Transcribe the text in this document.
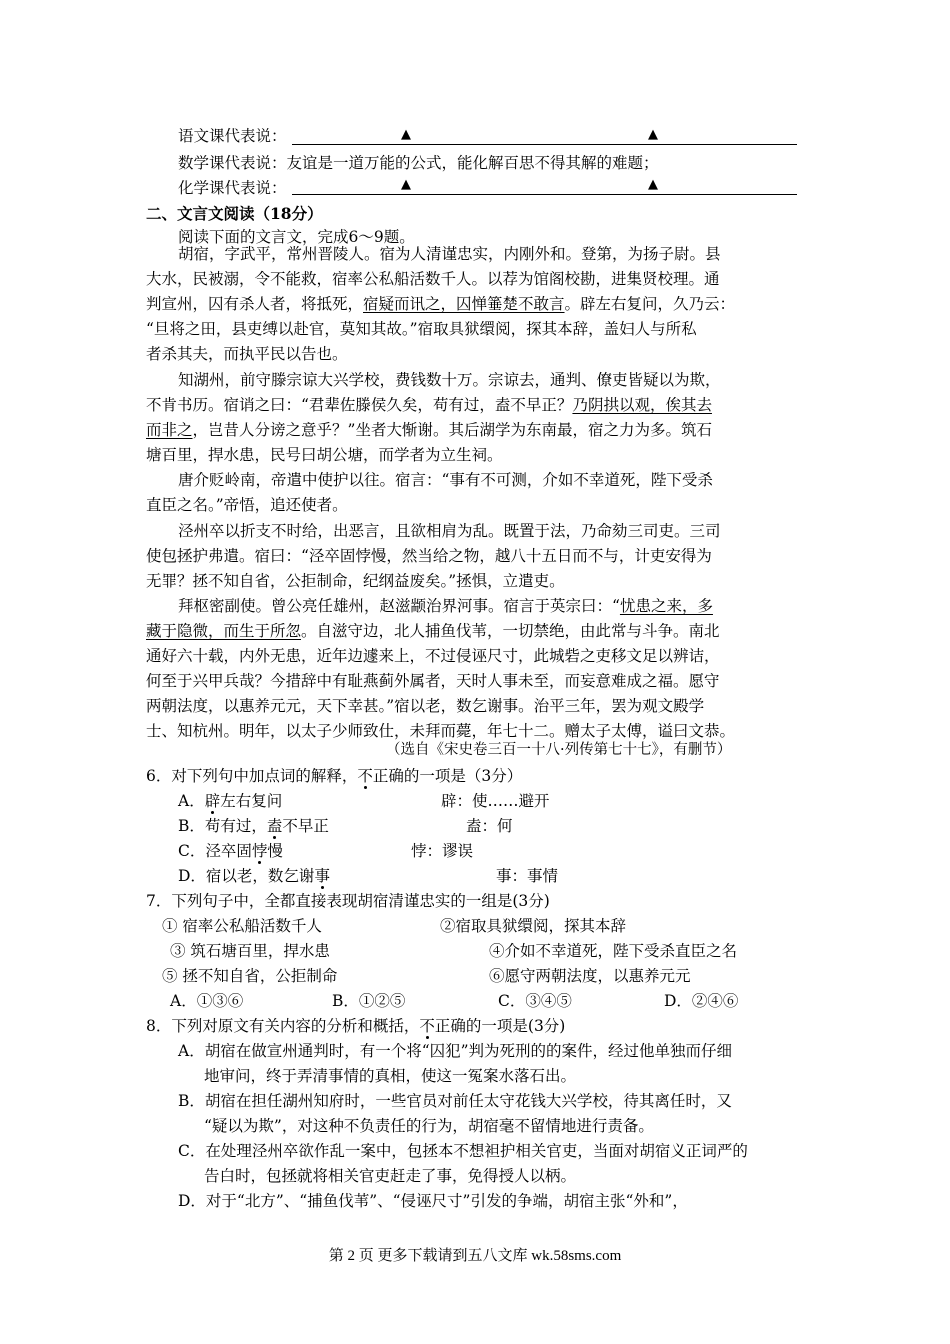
语文课代表说：	▲	▲
数学课代表说：友谊是一道万能的公式，能化解百思不得其解的难题；
化学课代表说：	▲	▲
二、文言文阅读（18分）
阅读下面的文言文，完成6～9题。
胡宿，字武平，常州晋陵人。宿为人清谨忠实，内刚外和。登第，为扬子尉。县
大水，民被溺，令不能救，宿率公私船活数千人。以荐为馆阁校勘，进集贤校理。通
判宣州，囚有杀人者，将抵死，宿疑而讯之，囚惮箠楚不敢言。辟左右复问，久乃云：
“旦将之田，县吏缚以赴官，莫知其故。”宿取具狱缳阅，探其本辞，盖妇人与所私
者杀其夫，而执平民以告也。
知湖州，前守滕宗谅大兴学校，费钱数十万。宗谅去，通判、僚吏皆疑以为欺，
不肯书历。宿诮之曰：“君辈佐滕侯久矣，苟有过，盍不早正？乃阴拱以观，俟其去
而非之，岂昔人分谤之意乎？”坐者大惭谢。其后湖学为东南最，宿之力为多。筑石
塘百里，捍水患，民号曰胡公塘，而学者为立生祠。
唐介贬岭南，帝遣中使护以往。宿言：“事有不可测，介如不幸道死，陛下受杀
直臣之名。”帝悟，追还使者。
泾州卒以折支不时给，出恶言，且欲相肩为乱。既置于法，乃命劾三司吏。三司
使包拯护弗遣。宿曰：“泾卒固悖慢，然当给之物，越八十五日而不与，计吏安得为
无罪？拯不知自省，公拒制命，纪纲益废矣。”拯惧，立遣吏。
拜枢密副使。曾公亮任雄州，赵滋颛治界河事。宿言于英宗曰：“忧患之来，多
藏于隐微，而生于所忽。自滋守边，北人捕鱼伐苇，一切禁绝，由此常与斗争。南北
通好六十载，内外无患，近年边遽来上，不过侵诬尺寸，此城砦之吏移文足以辨诘，
何至于兴甲兵哉？今措辞中有耻燕蓟外属者，天时人事未至，而妄意难成之福。愿守
两朝法度，以惠养元元，天下幸甚。”宿以老，数乞谢事。治平三年，罢为观文殿学
士、知杭州。明年，以太子少师致仕，未拜而薨，年七十二。赠太子太傅，谥曰文恭。
（选自《宋史卷三百一十八·列传第七十七》，有删节）
6．对下列句中加点词的解释，不正确的一项是（3分）
A．辟左右复问	辟：使……避开
B．苟有过，盍不早正	盍：何
C．泾卒固悖慢	悖：谬误
D．宿以老，数乞谢事	事：事情
7．下列句子中，全都直接表现胡宿清谨忠实的一组是(3分)
① 宿率公私船活数千人	②宿取具狱缳阅，探其本辞
③ 筑石塘百里，捍水患	④介如不幸道死，陛下受杀直臣之名
⑤ 拯不知自省，公拒制命	⑥愿守两朝法度，以惠养元元
A．①③⑥	B．①②⑤	C．③④⑤	D．②④⑥
8．下列对原文有关内容的分析和概括，不正确的一项是(3分)
A．胡宿在做宣州通判时，有一个将“囚犯”判为死刑的的案件，经过他单独而仔细
地审问，终于弄清事情的真相，使这一冤案水落石出。
B．胡宿在担任湖州知府时，一些官员对前任太守花钱大兴学校，待其离任时，又
“疑以为欺”，对这种不负责任的行为，胡宿毫不留情地进行责备。
C．在处理泾州卒欲作乱一案中，包拯本不想袒护相关官吏，当面对胡宿义正词严的
告白时，包拯就将相关官吏赶走了事，免得授人以柄。
D．对于“北方”、“捕鱼伐苇”、“侵诬尺寸”引发的争端，胡宿主张“外和”，
第 2 页 更多下载请到五八文库 wk.58sms.com
